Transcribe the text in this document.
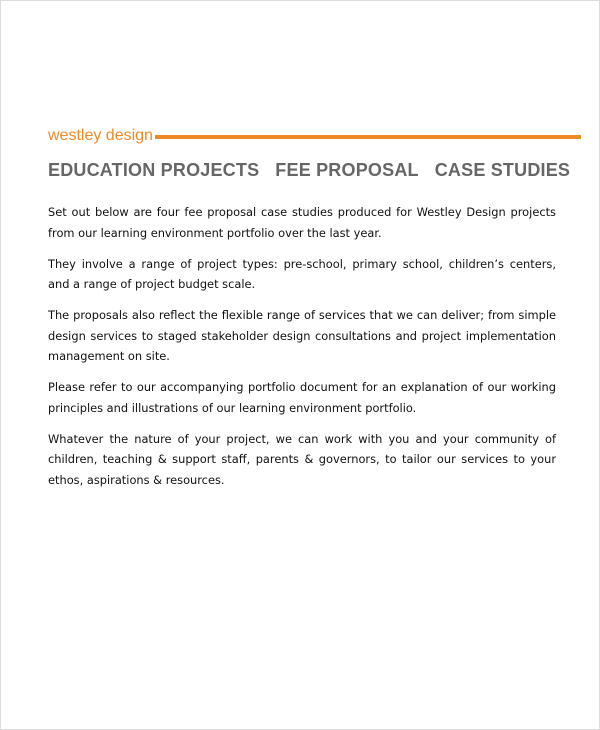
westley design
EDUCATION PROJECTS FEE PROPOSAL CASE STUDIES

Set out below are four fee proposal case studies produced for Westley Design projects from our learning environment portfolio over the last year.

They involve a range of project types: pre-school, primary school, children’s centers, and a range of project budget scale.

The proposals also reflect the flexible range of services that we can deliver; from simple design services to staged stakeholder design consultations and project implementation management on site.

Please refer to our accompanying portfolio document for an explanation of our working principles and illustrations of our learning environment portfolio.

Whatever the nature of your project, we can work with you and your community of children, teaching & support staff, parents & governors, to tailor our services to your ethos, aspirations & resources.
